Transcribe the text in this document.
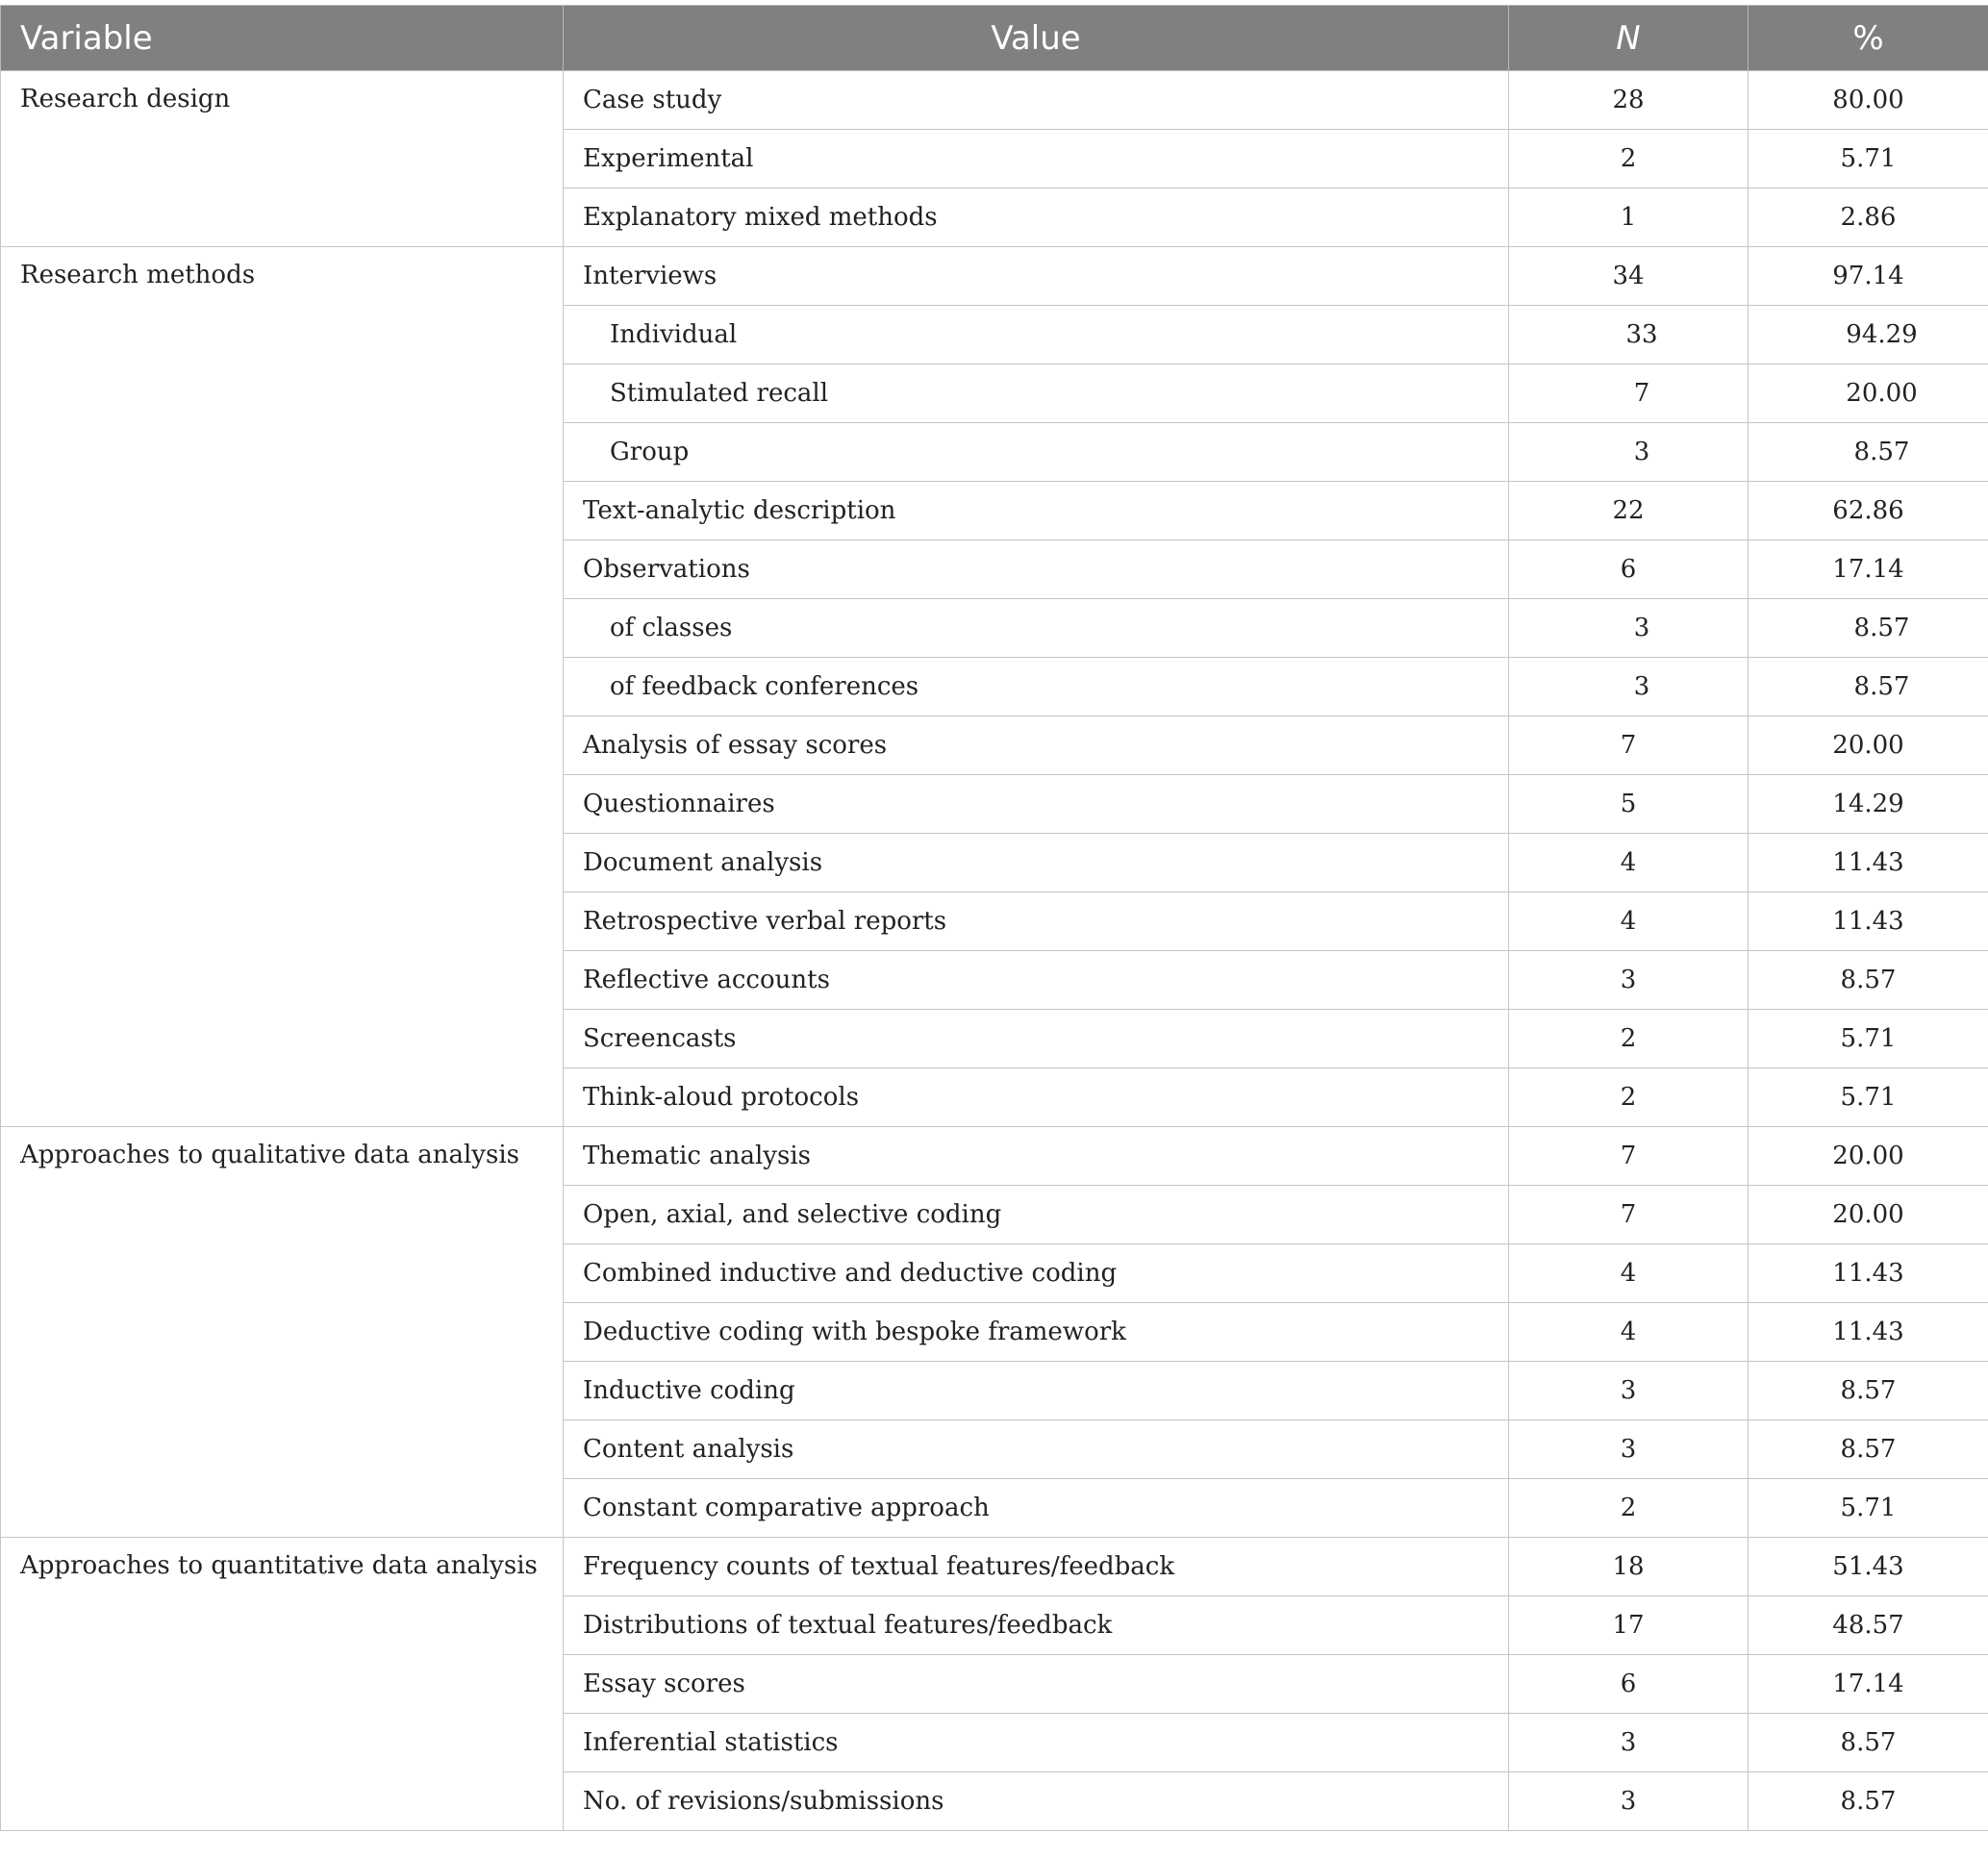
Variable	Value	N	%
Research design	Case study	28	80.00
	Experimental	2	5.71
	Explanatory mixed methods	1	2.86
Research methods	Interviews	34	97.14
	Individual	33	94.29
	Stimulated recall	7	20.00
	Group	3	8.57
	Text-analytic description	22	62.86
	Observations	6	17.14
	of classes	3	8.57
	of feedback conferences	3	8.57
	Analysis of essay scores	7	20.00
	Questionnaires	5	14.29
	Document analysis	4	11.43
	Retrospective verbal reports	4	11.43
	Reflective accounts	3	8.57
	Screencasts	2	5.71
	Think-aloud protocols	2	5.71
Approaches to qualitative data analysis	Thematic analysis	7	20.00
	Open, axial, and selective coding	7	20.00
	Combined inductive and deductive coding	4	11.43
	Deductive coding with bespoke framework	4	11.43
	Inductive coding	3	8.57
	Content analysis	3	8.57
	Constant comparative approach	2	5.71
Approaches to quantitative data analysis	Frequency counts of textual features/feedback	18	51.43
	Distributions of textual features/feedback	17	48.57
	Essay scores	6	17.14
	Inferential statistics	3	8.57
	No. of revisions/submissions	3	8.57
